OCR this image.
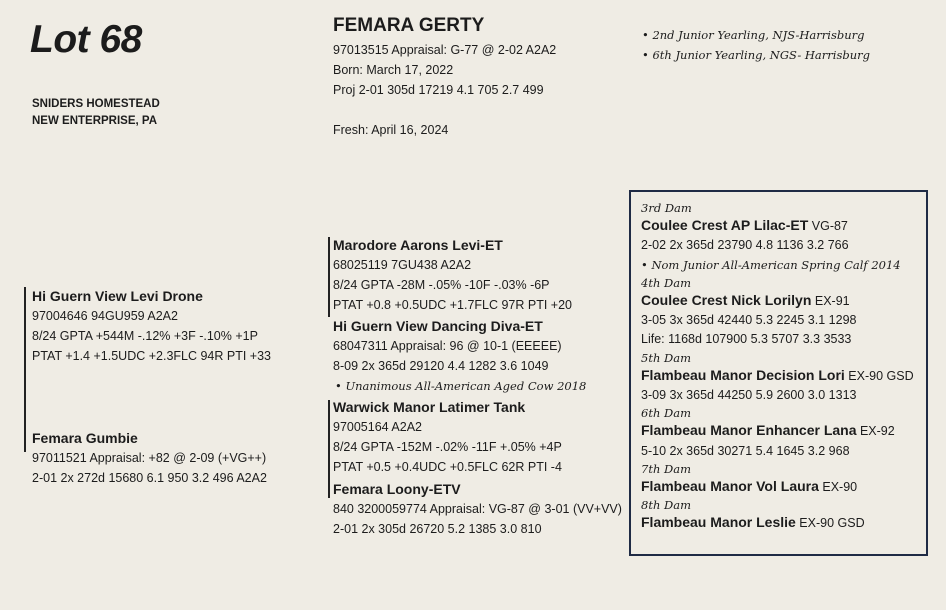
Lot 68
SNIDERS HOMESTEAD
NEW ENTERPRISE, PA
FEMARA GERTY
97013515 Appraisal: G-77 @ 2-02 A2A2
Born: March 17, 2022
Proj 2-01 305d 17219 4.1 705 2.7 499
Fresh: April 16, 2024
• 2nd Junior Yearling, NJS-Harrisburg
• 6th Junior Yearling, NGS- Harrisburg
Hi Guern View Levi Drone
97004646 94GU959 A2A2
8/24 GPTA +544M -.12% +3F -.10% +1P
PTAT +1.4 +1.5UDC +2.3FLC 94R PTI +33
Femara Gumbie
97011521 Appraisal: +82 @ 2-09 (+VG++)
2-01 2x 272d 15680 6.1 950 3.2 496 A2A2
Marodore Aarons Levi-ET
68025119 7GU438 A2A2
8/24 GPTA -28M -.05% -10F -.03% -6P
PTAT +0.8 +0.5UDC +1.7FLC 97R PTI +20
Hi Guern View Dancing Diva-ET
68047311 Appraisal: 96 @ 10-1 (EEEEE)
8-09 2x 365d 29120 4.4 1282 3.6 1049
• Unanimous All-American Aged Cow 2018
Warwick Manor Latimer Tank
97005164 A2A2
8/24 GPTA -152M -.02% -11F +.05% +4P
PTAT +0.5 +0.4UDC +0.5FLC 62R PTI -4
Femara Loony-ETV
840 3200059774 Appraisal: VG-87 @ 3-01 (VV+VV)
2-01 2x 305d 26720 5.2 1385 3.0 810
3rd Dam
Coulee Crest AP Lilac-ET VG-87
2-02 2x 365d 23790 4.8 1136 3.2 766
• Nom Junior All-American Spring Calf 2014
4th Dam
Coulee Crest Nick Lorilyn EX-91
3-05 3x 365d 42440 5.3 2245 3.1 1298
Life: 1168d 107900 5.3 5707 3.3 3533
5th Dam
Flambeau Manor Decision Lori EX-90 GSD
3-09 3x 365d 44250 5.9 2600 3.0 1313
6th Dam
Flambeau Manor Enhancer Lana EX-92
5-10 2x 365d 30271 5.4 1645 3.2 968
7th Dam
Flambeau Manor Vol Laura EX-90
8th Dam
Flambeau Manor Leslie EX-90 GSD
